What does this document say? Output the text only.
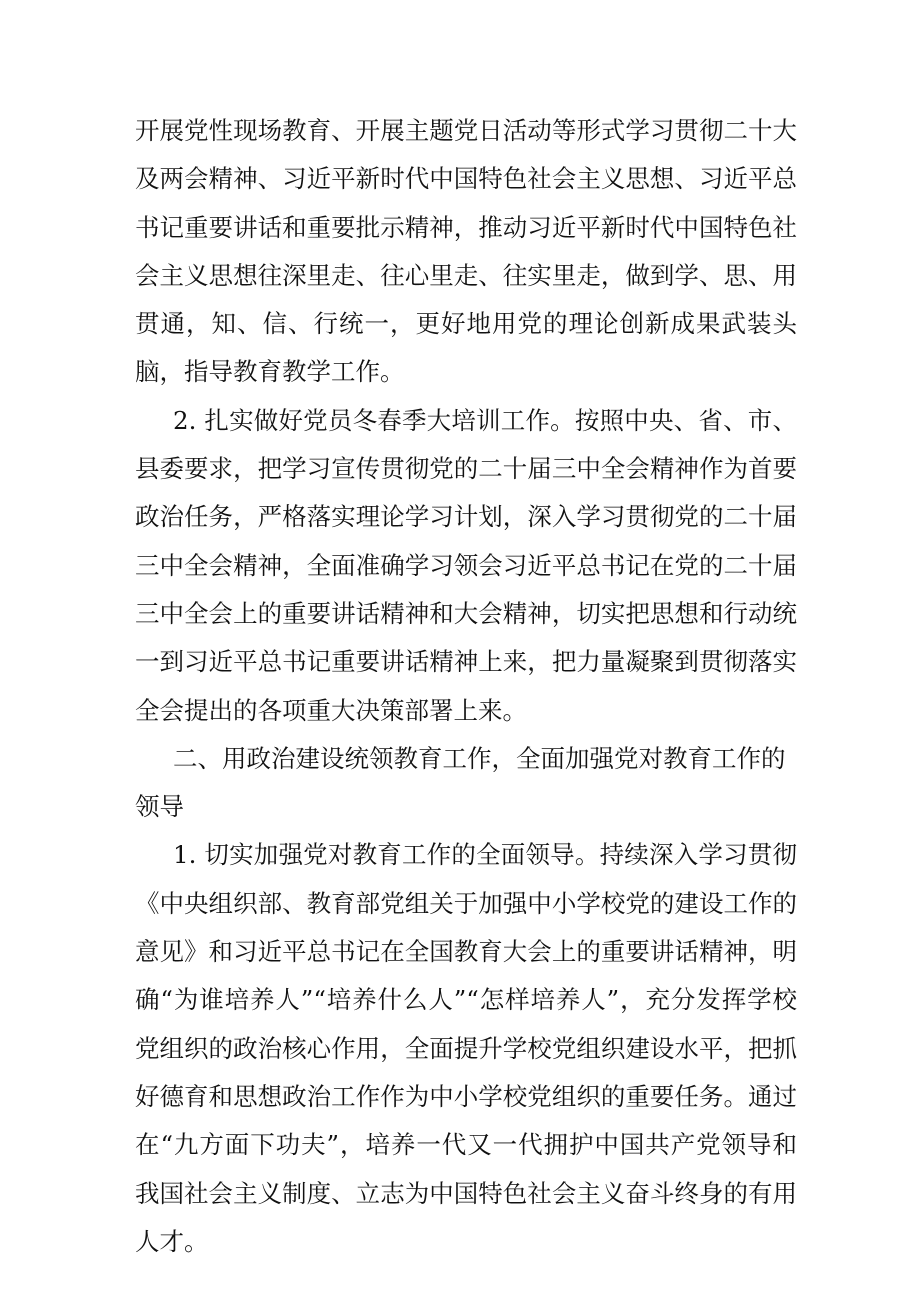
开展党性现场教育、开展主题党日活动等形式学习贯彻二十大及两会精神、习近平新时代中国特色社会主义思想、习近平总书记重要讲话和重要批示精神，推动习近平新时代中国特色社会主义思想往深里走、往心里走、往实里走，做到学、思、用贯通，知、信、行统一，更好地用党的理论创新成果武装头脑，指导教育教学工作。

2. 扎实做好党员冬春季大培训工作。按照中央、省、市、县委要求，把学习宣传贯彻党的二十届三中全会精神作为首要政治任务，严格落实理论学习计划，深入学习贯彻党的二十届三中全会精神，全面准确学习领会习近平总书记在党的二十届三中全会上的重要讲话精神和大会精神，切实把思想和行动统一到习近平总书记重要讲话精神上来，把力量凝聚到贯彻落实全会提出的各项重大决策部署上来。

二、用政治建设统领教育工作，全面加强党对教育工作的领导

1. 切实加强党对教育工作的全面领导。持续深入学习贯彻《中央组织部、教育部党组关于加强中小学校党的建设工作的意见》和习近平总书记在全国教育大会上的重要讲话精神，明确“为谁培养人”“培养什么人”“怎样培养人”，充分发挥学校党组织的政治核心作用，全面提升学校党组织建设水平，把抓好德育和思想政治工作作为中小学校党组织的重要任务。通过在“九方面下功夫”，培养一代又一代拥护中国共产党领导和我国社会主义制度、立志为中国特色社会主义奋斗终身的有用人才。
